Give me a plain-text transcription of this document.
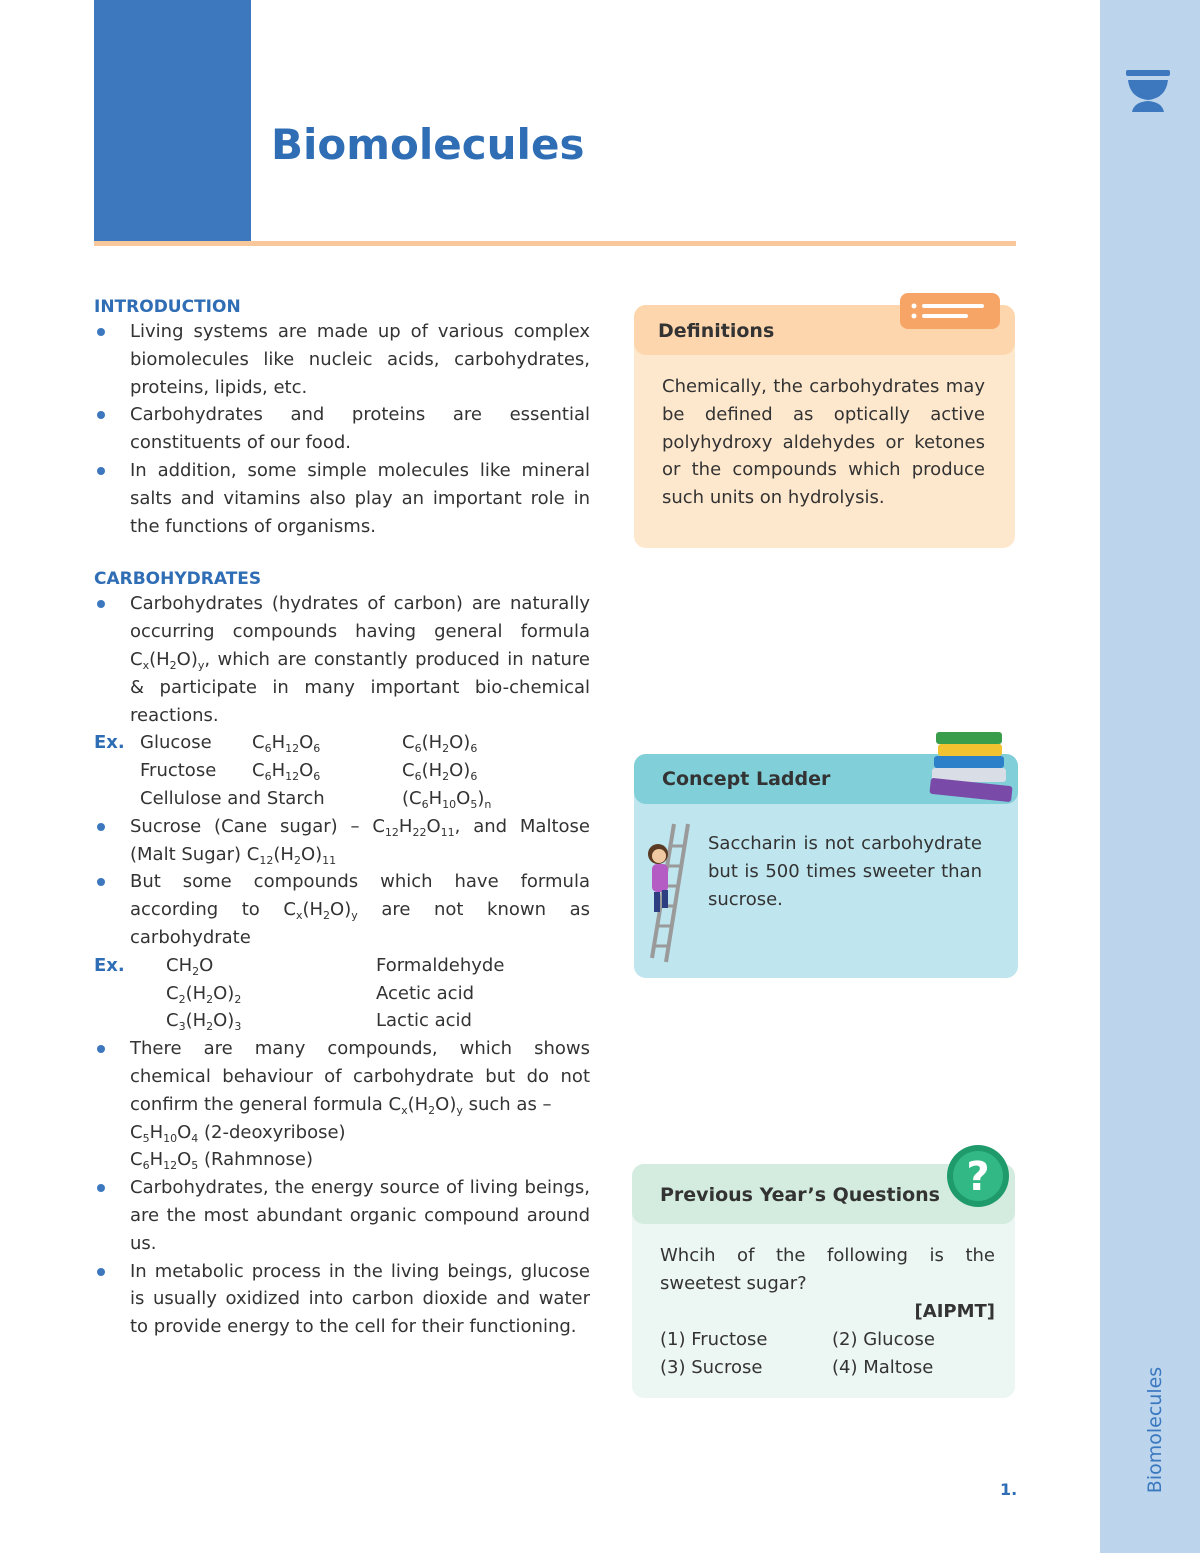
Biomolecules
1.
Biomolecules

INTRODUCTION

Living systems are made up of various complex biomolecules like nucleic acids, carbohydrates, proteins, lipids, etc.
Carbohydrates and proteins are essential constituents of our food.
In addition, some simple molecules like mineral salts and vitamins also play an important role in the functions of organisms.

CARBOHYDRATES

Carbohydrates (hydrates of carbon) are naturally occurring compounds having general formula $C_x(H_2O)_y$, which are constantly produced in nature & participate in many important bio-chemical reactions.
Ex. Glucose	$C_6H_{12}O_6$	$C_6(H_2O)_6$
Fructose	$C_6H_{12}O_6$	$C_6(H_2O)_6$
Cellulose and Starch	$(C_6H_{10}O_5)_n$
Sucrose (Cane sugar) – $C_{12}H_{22}O_{11}$, and Maltose (Malt Sugar) $C_{12}(H_2O)_{11}$
But some compounds which have formula according to $C_x(H_2O)_y$ are not known as carbohydrate
Ex.	$CH_2O$	Formaldehyde
$C_2(H_2O)_2$	Acetic acid
$C_3(H_2O)_3$	Lactic acid
There are many compounds, which shows chemical behaviour of carbohydrate but do not confirm the general formula $C_x(H_2O)_y$ such as –
$C_5H_{10}O_4$ (2-deoxyribose)
$C_6H_{12}O_5$ (Rahmnose)
Carbohydrates, the energy source of living beings, are the most abundant organic compound around us.
In metabolic process in the living beings, glucose is usually oxidized into carbon dioxide and water to provide energy to the cell for their functioning.
Definitions
Chemically, the carbohydrates may be defined as optically active polyhydroxy aldehydes or ketones or the compounds which produce such units on hydrolysis.
Concept Ladder
Saccharin is not carbohydrate but is 500 times sweeter than sucrose.
Previous Year’s Questions
Whcih of the following is the sweetest sugar?
[AIPMT]
(1) Fructose	(2) Glucose
(3) Sucrose	(4) Maltose
?
